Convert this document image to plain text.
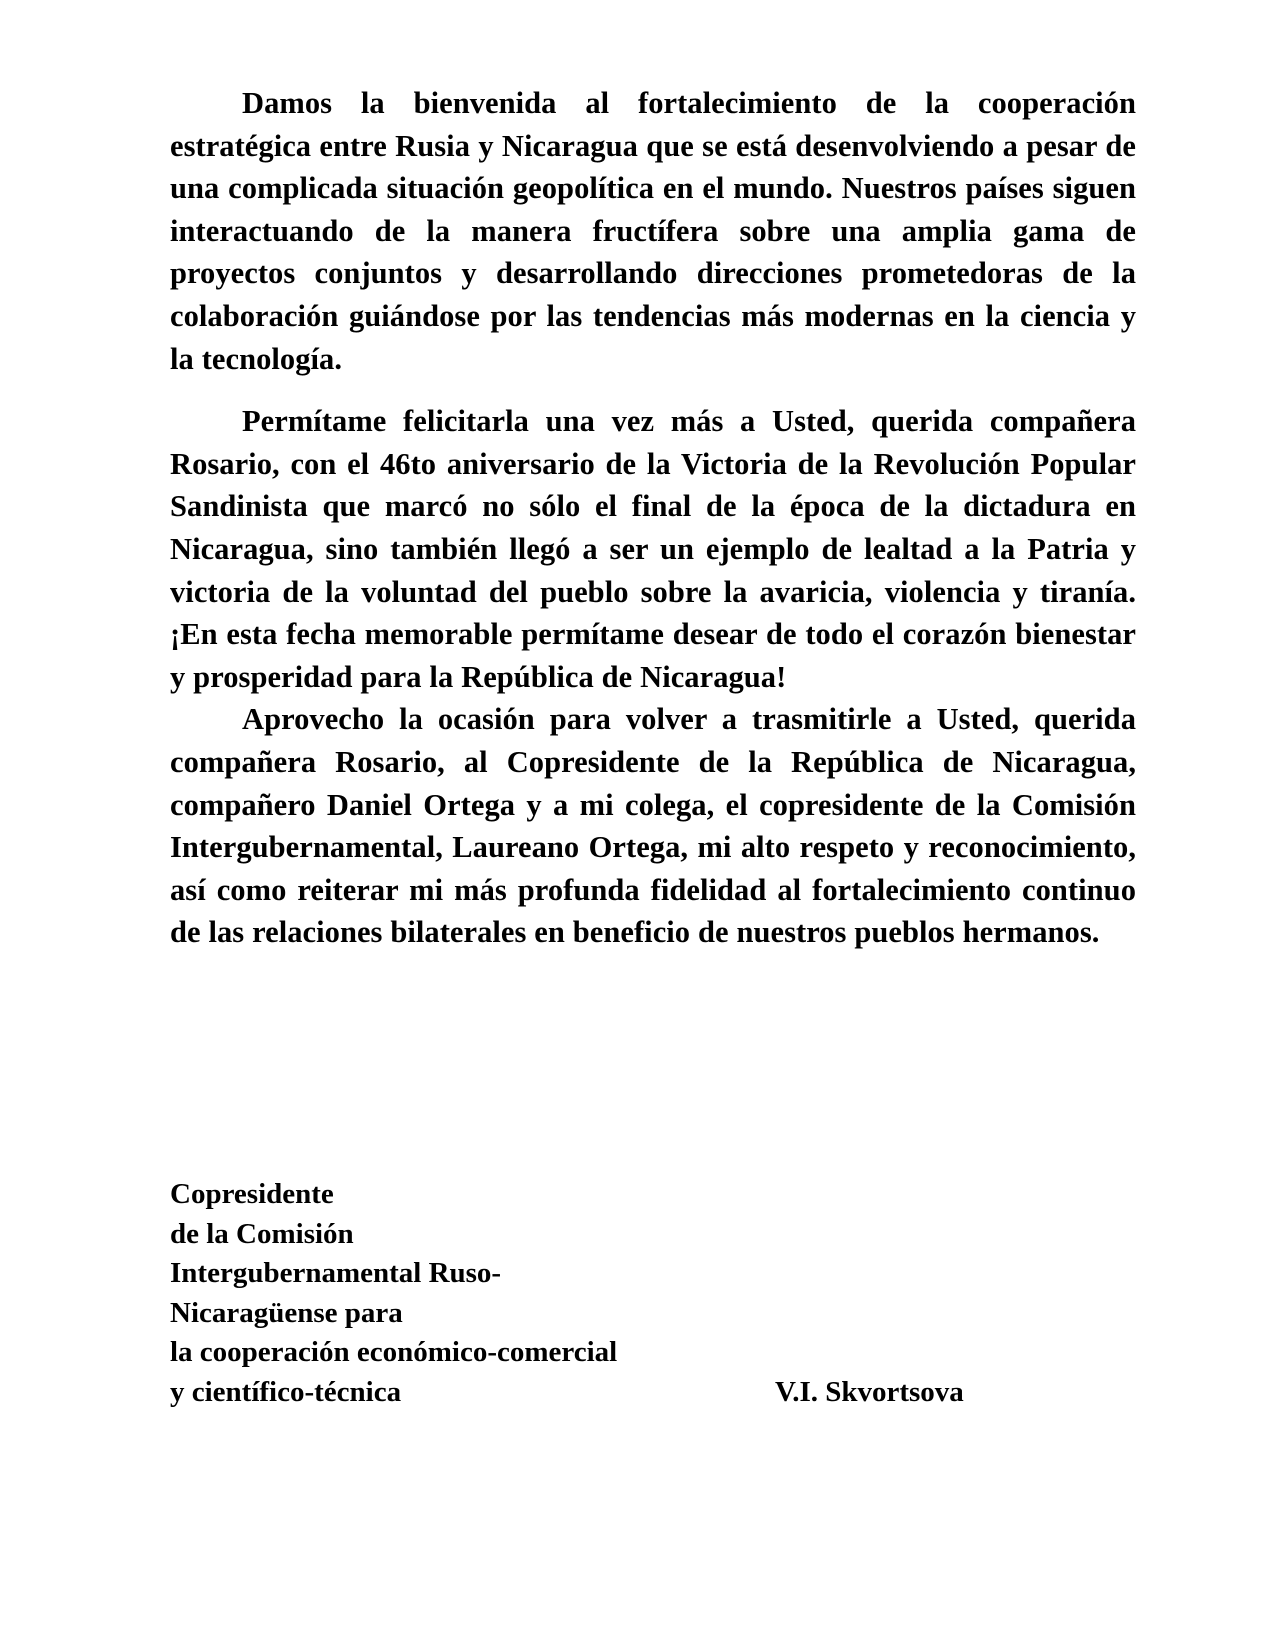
Damos la bienvenida al fortalecimiento de la cooperación estratégica entre Rusia y Nicaragua que se está desenvolviendo a pesar de una complicada situación geopolítica en el mundo. Nuestros países siguen interactuando de la manera fructífera sobre una amplia gama de proyectos conjuntos y desarrollando direcciones prometedoras de la colaboración guiándose por las tendencias más modernas en la ciencia y la tecnología.

Permítame felicitarla una vez más a Usted, querida compañera Rosario, con el 46to aniversario de la Victoria de la Revolución Popular Sandinista que marcó no sólo el final de la época de la dictadura en Nicaragua, sino también llegó a ser un ejemplo de lealtad a la Patria y victoria de la voluntad del pueblo sobre la avaricia, violencia y tiranía. ¡En esta fecha memorable permítame desear de todo el corazón bienestar y prosperidad para la República de Nicaragua!

Aprovecho la ocasión para volver a trasmitirle a Usted, querida compañera Rosario, al Copresidente de la República de Nicaragua, compañero Daniel Ortega y a mi colega, el copresidente de la Comisión Intergubernamental, Laureano Ortega, mi alto respeto y reconocimiento, así como reiterar mi más profunda fidelidad al fortalecimiento continuo de las relaciones bilaterales en beneficio de nuestros pueblos hermanos.

Copresidente
de la Comisión
Intergubernamental Ruso-
Nicaragüense para
la cooperación económico-comercial
y científico-técnica	V.I. Skvortsova
